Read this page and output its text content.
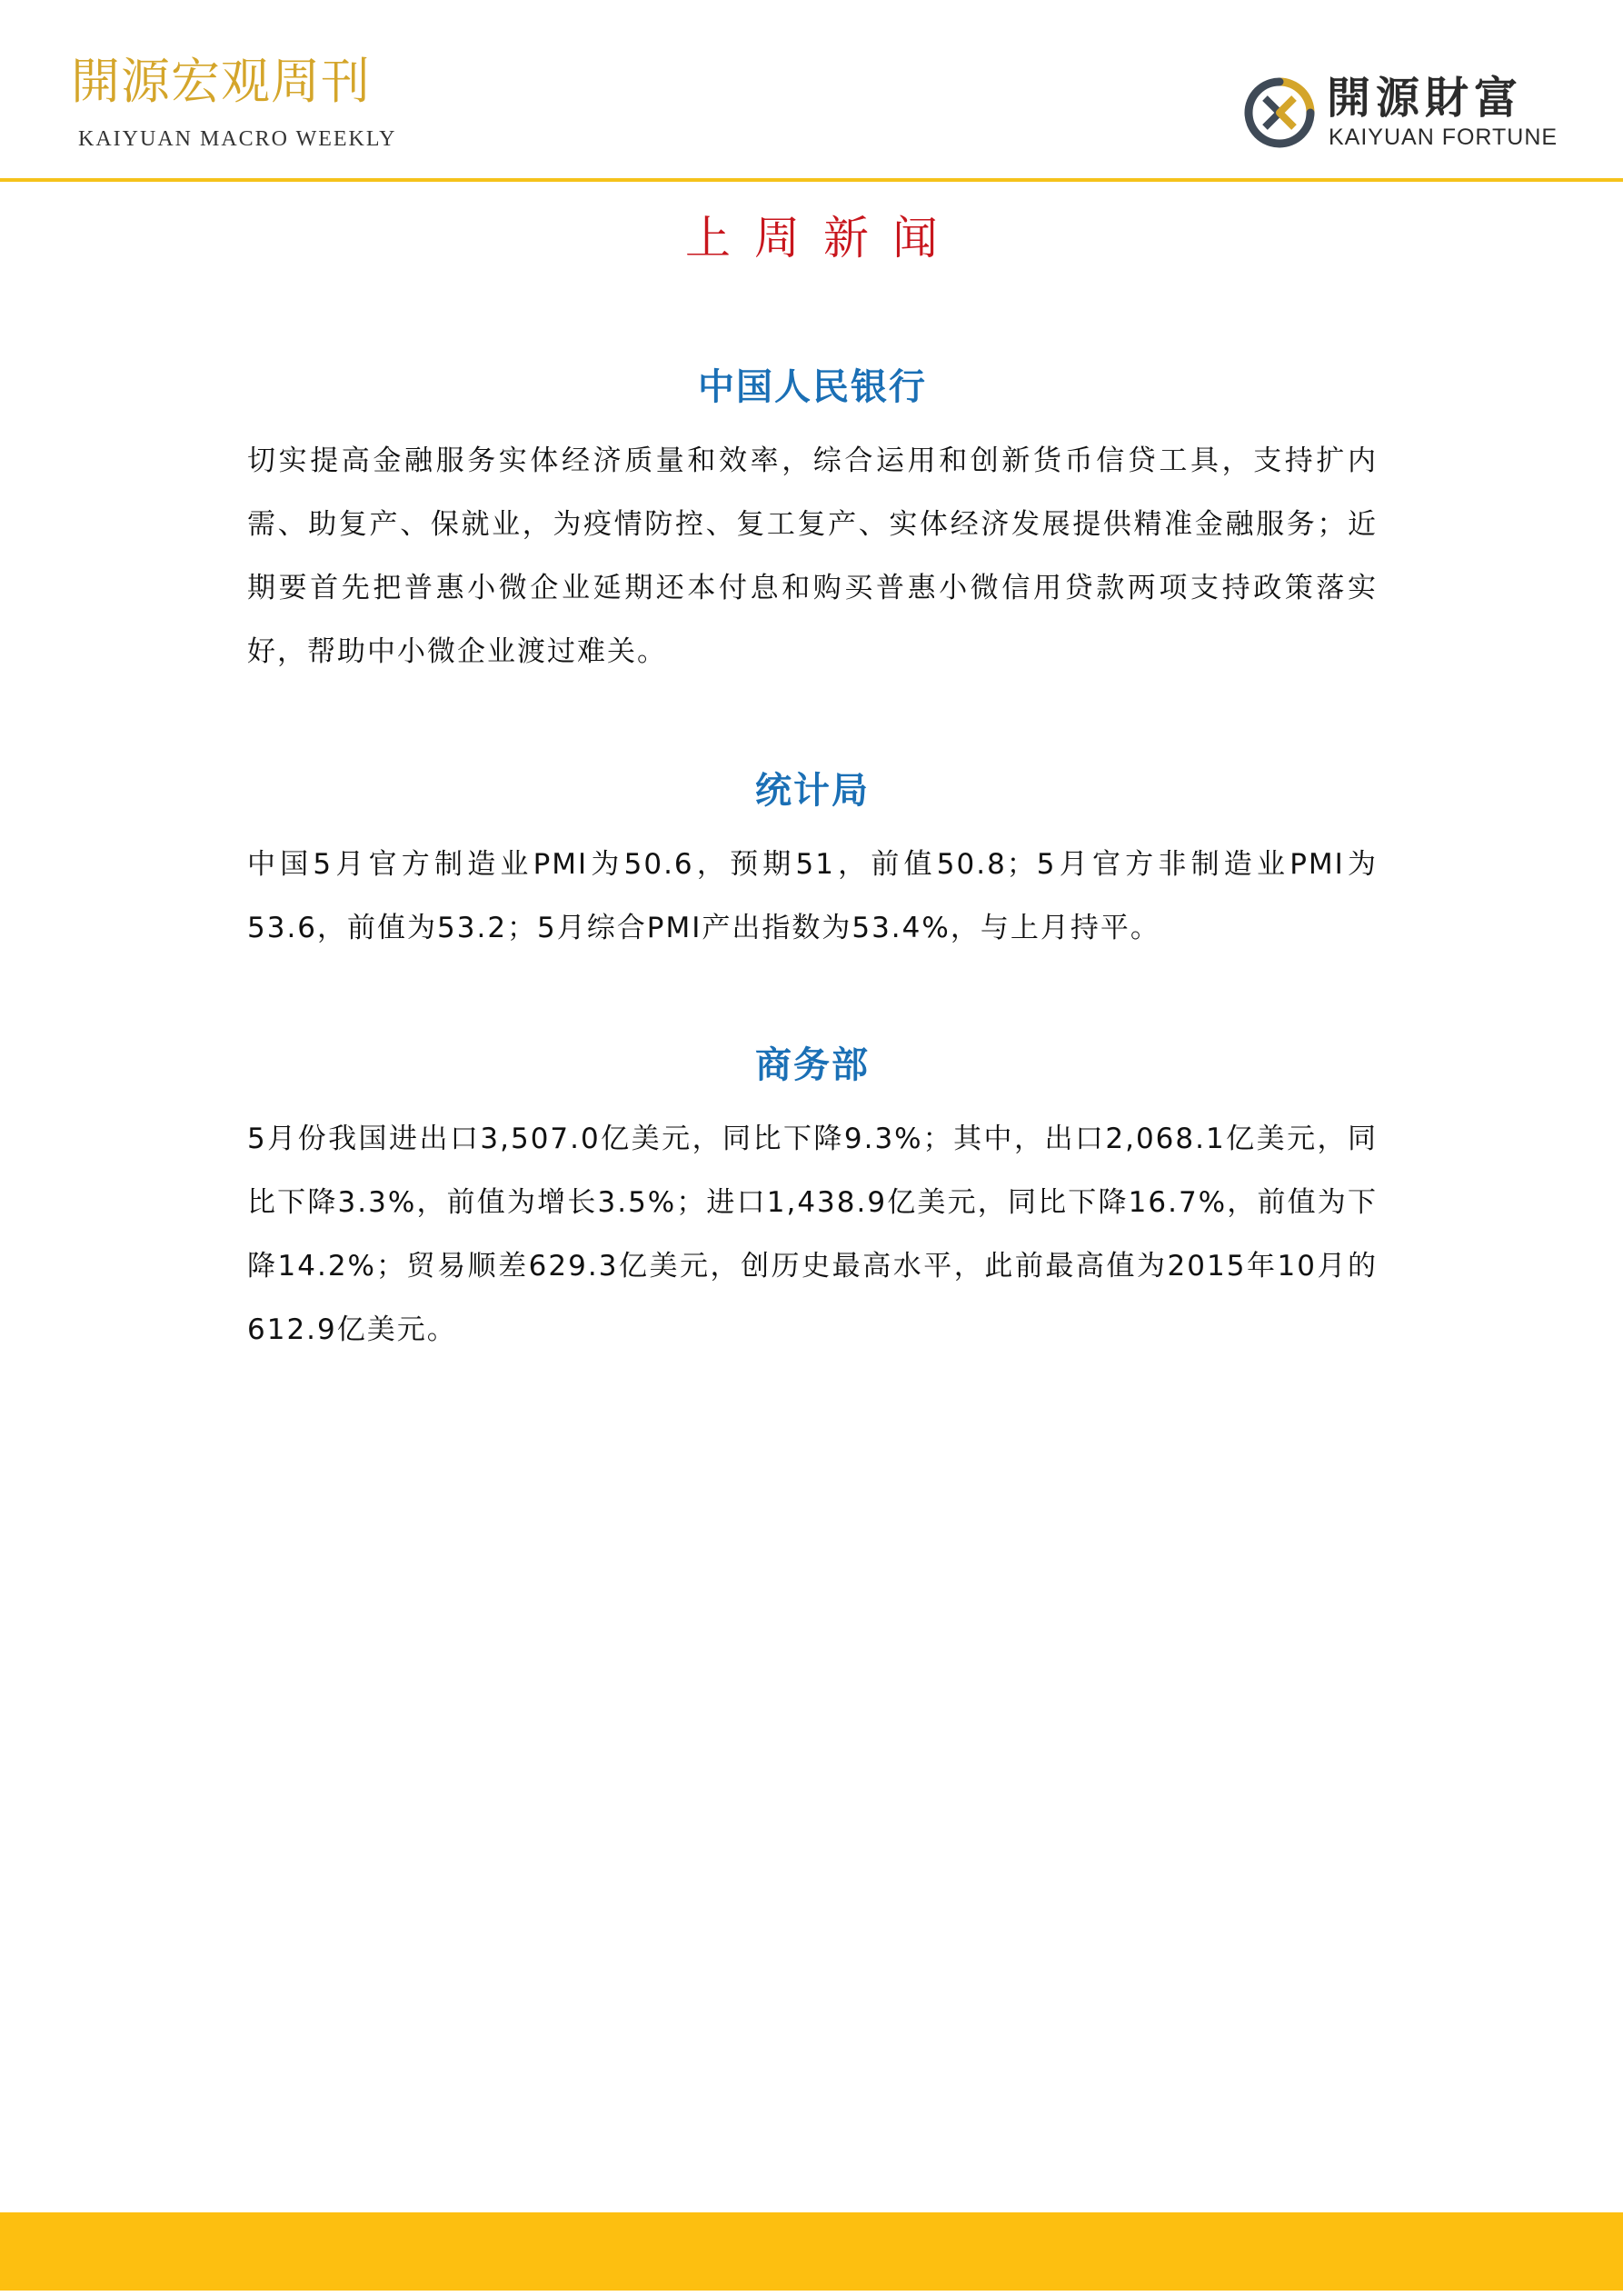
開源宏观周刊
KAIYUAN MACRO WEEKLY
開源財富
KAIYUAN FORTUNE
上周新闻
中国人民银行

切实提高金融服务实体经济质量和效率，综合运用和创新货币信贷工具，支持扩内需、助复产、保就业，为疫情防控、复工复产、实体经济发展提供精准金融服务；近期要首先把普惠小微企业延期还本付息和购买普惠小微信用贷款两项支持政策落实好，帮助中小微企业渡过难关。

统计局

中国5月官方制造业PMI为50.6，预期51，前值50.8；5月官方非制造业PMI为53.6，前值为53.2；5月综合PMI产出指数为53.4%，与上月持平。

商务部

5月份我国进出口3,507.0亿美元，同比下降9.3%；其中，出口2,068.1亿美元，同比下降3.3%，前值为增长3.5%；进口1,438.9亿美元，同比下降16.7%，前值为下降14.2%；贸易顺差629.3亿美元，创历史最高水平，此前最高值为2015年10月的612.9亿美元。
